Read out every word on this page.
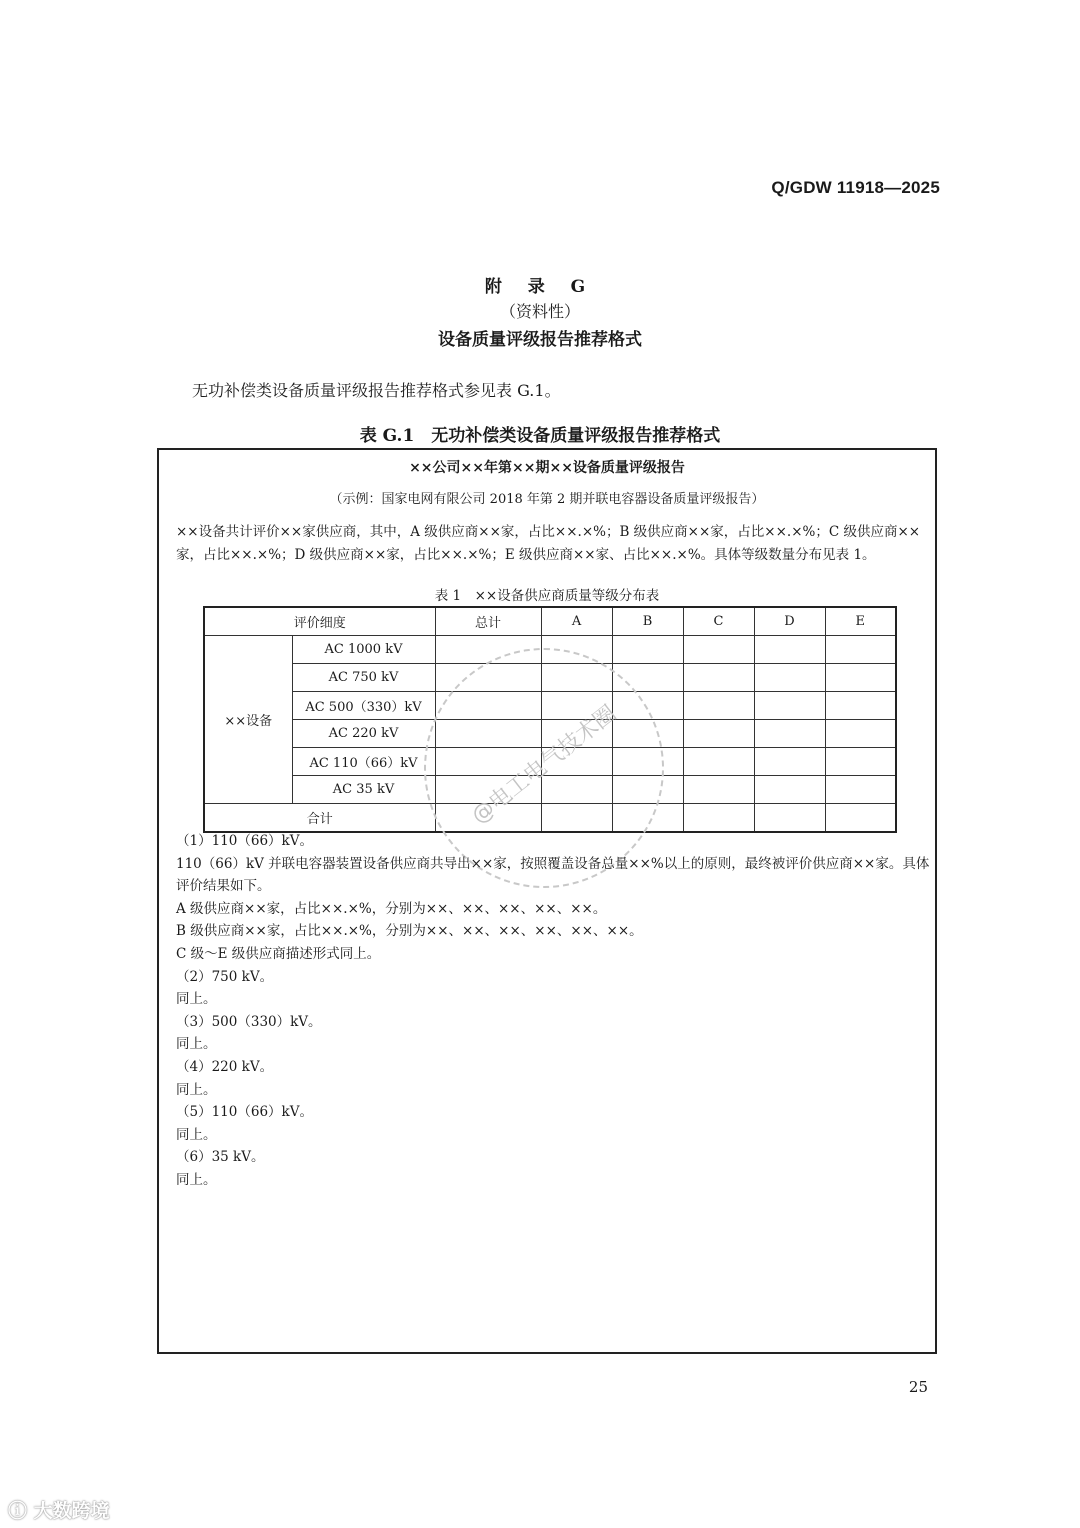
Q/GDW 11918—2025
附 录 G
（资料性）
设备质量评级报告推荐格式
无功补偿类设备质量评级报告推荐格式参见表 G.1。
表 G.1　无功补偿类设备质量评级报告推荐格式
××公司××年第××期××设备质量评级报告
（示例：国家电网有限公司 2018 年第 2 期并联电容器设备质量评级报告）
××设备共计评价××家供应商，其中，A 级供应商××家，占比××.×%；B 级供应商××家，占比××.×%；C 级供应商××家，占比××.×%；D 级供应商××家，占比××.×%；E 级供应商××家、占比××.×%。具体等级数量分布见表 1。
表 1　××设备供应商质量等级分布表
评价细度		总计	A	B	C	D	E
××设备	AC 1000 kV						
	AC 750 kV						
	AC 500（330）kV						
	AC 220 kV						
	AC 110（66）kV						
	AC 35 kV						
合计								@电工电气技术圈
（1）110（66）kV。
110（66）kV 并联电容器装置设备供应商共导出××家，按照覆盖设备总量××%以上的原则，最终被评价供应商××家。具体评价结果如下。
A 级供应商××家，占比××.×%，分别为××、××、××、××、××。
B 级供应商××家，占比××.×%，分别为××、××、××、××、××、××。
C 级～E 级供应商描述形式同上。
（2）750 kV。
同上。
（3）500（330）kV。
同上。
（4）220 kV。
同上。
（5）110（66）kV。
同上。
（6）35 kV。
同上。
25
ⓘ 大数跨境
